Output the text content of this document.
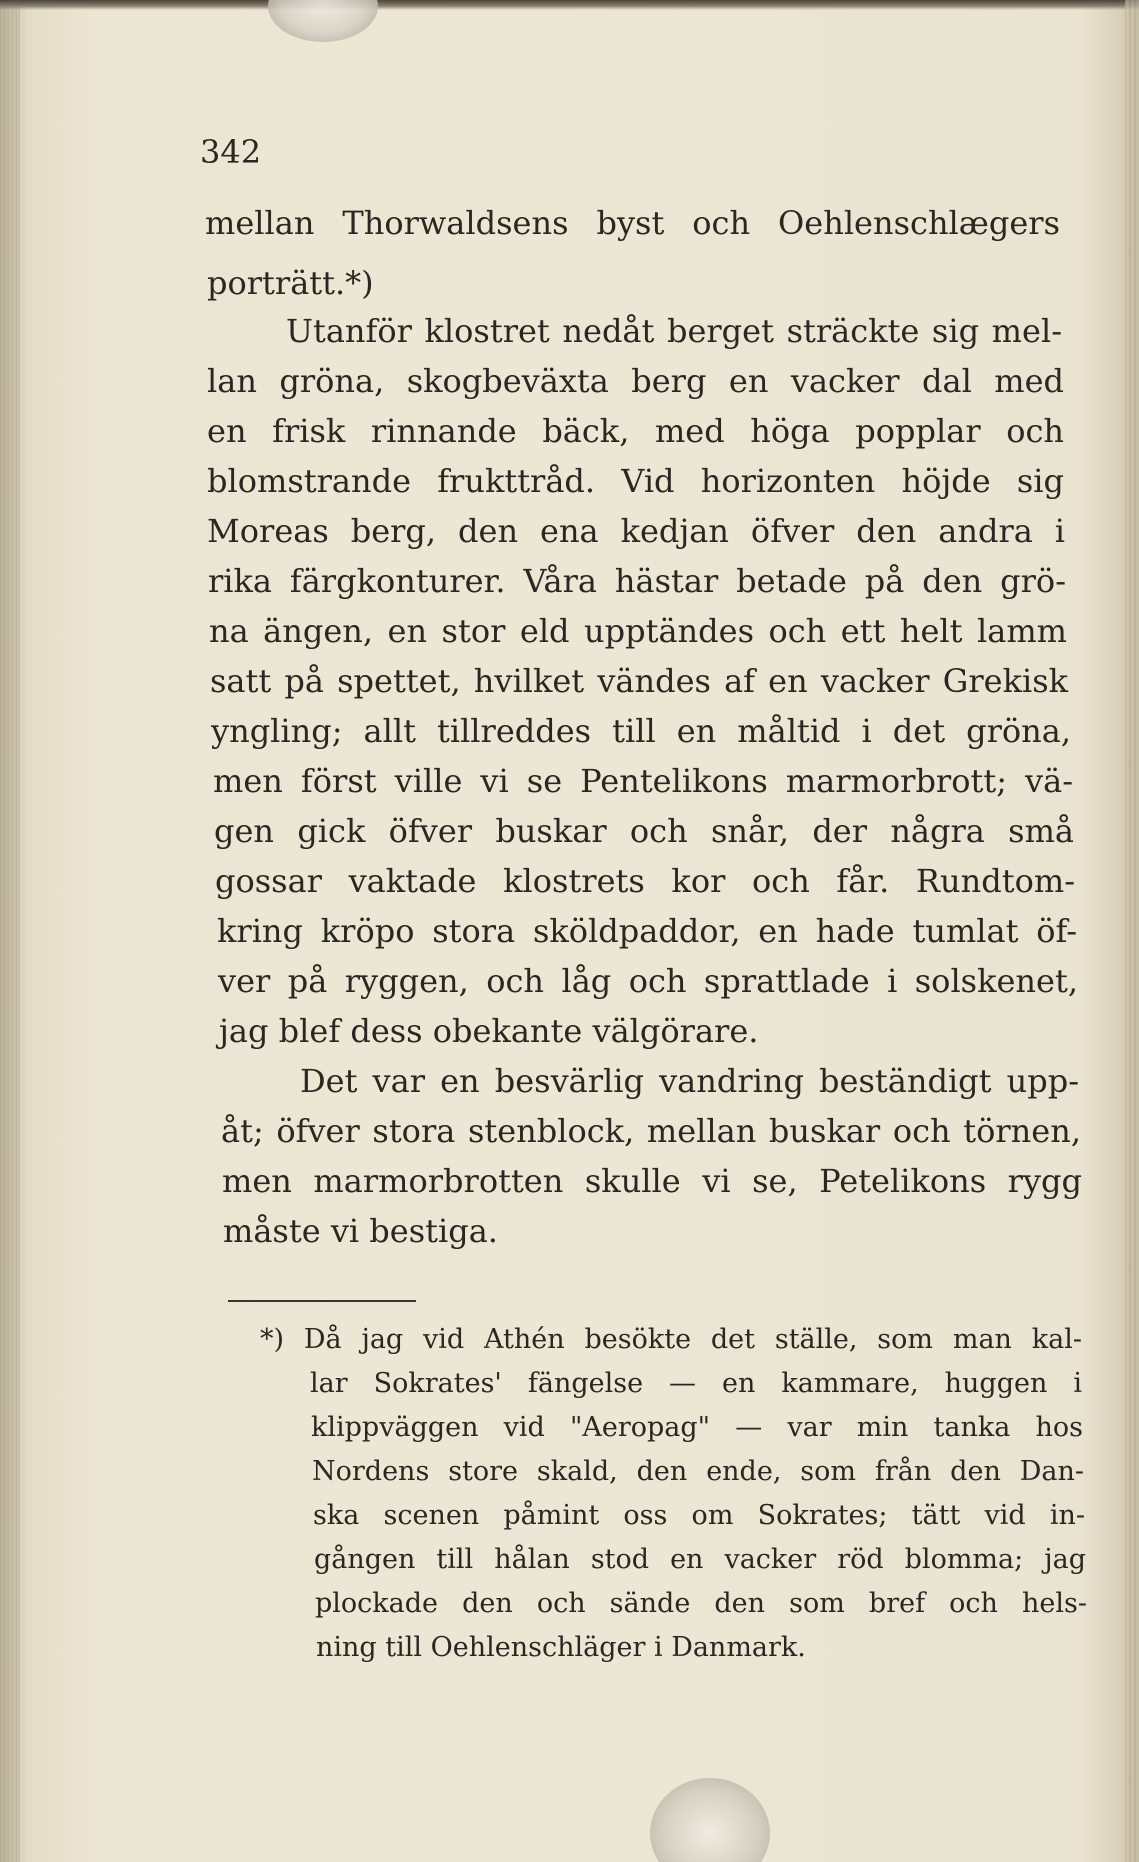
342
mellan Thorwaldsens byst och Oehlenschlægers
porträtt.*)
Utanför klostret nedåt berget sträckte sig mel-
lan gröna, skogbeväxta berg en vacker dal med
en frisk rinnande bäck, med höga popplar och
blomstrande frukttråd. Vid horizonten höjde sig
Moreas berg, den ena kedjan öfver den andra i
rika färgkonturer. Våra hästar betade på den grö-
na ängen, en stor eld upptändes och ett helt lamm
satt på spettet, hvilket vändes af en vacker Grekisk
yngling; allt tillreddes till en måltid i det gröna,
men först ville vi se Pentelikons marmorbrott; vä-
gen gick öfver buskar och snår, der några små
gossar vaktade klostrets kor och får. Rundtom-
kring kröpo stora sköldpaddor, en hade tumlat öf-
ver på ryggen, och låg och sprattlade i solskenet,
jag blef dess obekante välgörare.
Det var en besvärlig vandring beständigt upp-
åt; öfver stora stenblock, mellan buskar och törnen,
men marmorbrotten skulle vi se, Petelikons rygg
måste vi bestiga.
*) Då jag vid Athén besökte det ställe, som man kal-
lar Sokrates' fängelse — en kammare, huggen i
klippväggen vid "Aeropag" — var min tanka hos
Nordens store skald, den ende, som från den Dan-
ska scenen påmint oss om Sokrates; tätt vid in-
gången till hålan stod en vacker röd blomma; jag
plockade den och sände den som bref och hels-
ning till Oehlenschläger i Danmark.
